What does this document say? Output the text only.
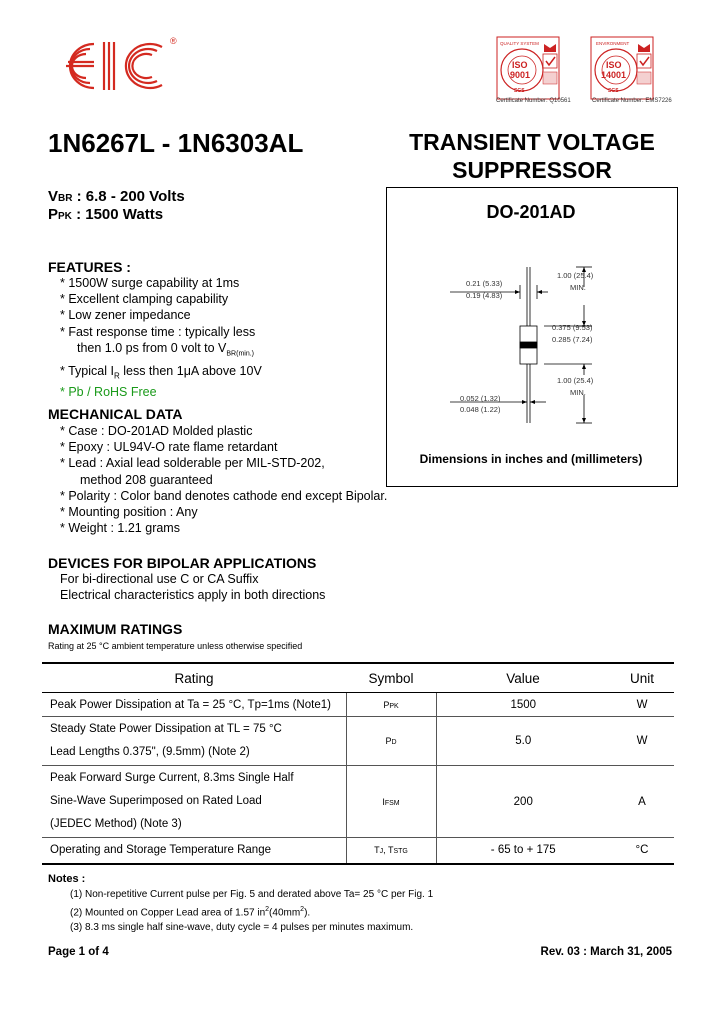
®	QUALITY SYSTEM
ISO
9001
SGS
Certificate Number: Q10561
ENVIRONMENT
ISO
14001
SGS
Certificate Number: EMS7226
1N6267L - 1N6303AL	TRANSIENT VOLTAGE
SUPPRESSOR
VBR : 6.8 - 200 Volts
PPK : 1500 Watts
FEATURES :
* 1500W surge capability at 1ms
* Excellent clamping capability
* Low zener impedance
* Fast response time : typically less
then 1.0 ps from 0 volt to $V_{BR(min.)}$
* Typical $I_R$ less then 1μA above 10V
* Pb / RoHS Free
MECHANICAL DATA
* Case : DO-201AD Molded plastic
* Epoxy : UL94V-O rate flame retardant
* Lead : Axial lead solderable per MIL-STD-202,
method 208 guaranteed
* Polarity : Color band denotes cathode end except Bipolar.
* Mounting position : Any
* Weight : 1.21 grams
DEVICES FOR BIPOLAR APPLICATIONS
For bi-directional use C or CA Suffix
Electrical characteristics apply in both directions
DO-201AD
0.21 (5.33)
0.19 (4.83)
1.00 (25.4)
MIN.
0.375 (9.53)
0.285 (7.24)
1.00 (25.4)
MIN.
0.052 (1.32)
0.048 (1.22)
Dimensions in inches and (millimeters)
MAXIMUM RATINGS
Rating at 25 °C ambient temperature unless otherwise specified
Rating	Symbol	Value	Unit
Peak Power Dissipation at Ta = 25 °C, Tp=1ms (Note1)	PPK	1500	W

Steady State Power Dissipation at TL = 75 °C
Lead Lengths 0.375", (9.5mm) (Note 2)	PD	5.0	W

Peak Forward Surge Current, 8.3ms Single Half
Sine-Wave Superimposed on Rated Load
(JEDEC Method) (Note 3)	IFSM	200	A
Operating and Storage Temperature Range	TJ, TSTG	- 65 to + 175	°C
Notes :
(1) Non-repetitive Current pulse per Fig. 5 and derated above Ta= 25 °C per Fig. 1
(2) Mounted on Copper Lead area of 1.57 $in^2(40mm^2)$.
(3) 8.3 ms single half sine-wave, duty cycle = 4 pulses per minutes maximum.
Page 1 of 4	Rev. 03 : March 31, 2005
